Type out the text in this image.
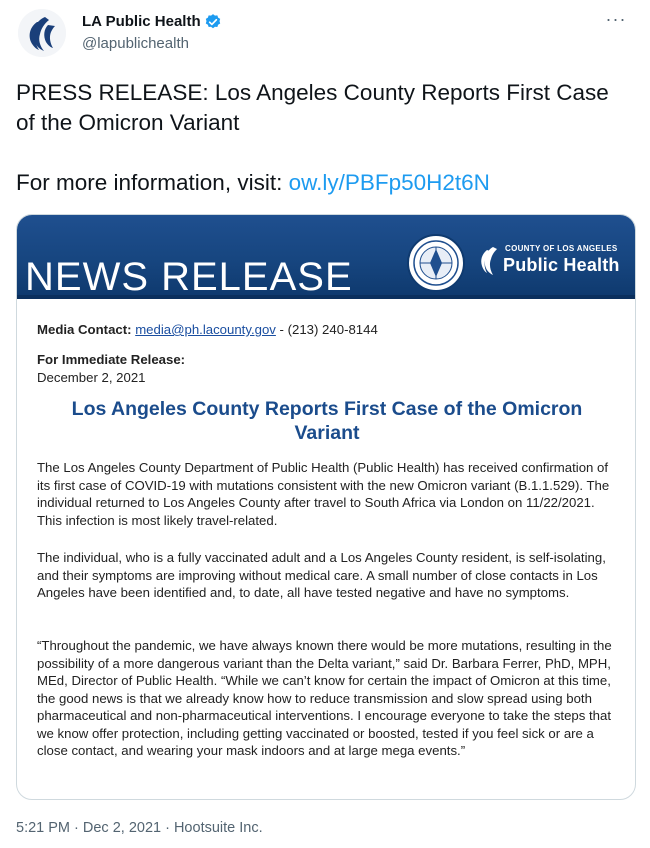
LA Public Health
@lapublichealth
···

PRESS RELEASE: Los Angeles County Reports First Case of the Omicron Variant

For more information, visit: ow.ly/PBFp50H2t6N

NEWS RELEASE
COUNTY OF LOS ANGELES
Public Health
Media Contact: media@ph.lacounty.gov - (213) 240-8144
For Immediate Release:
December 2, 2021
Los Angeles County Reports First Case of the Omicron Variant

The Los Angeles County Department of Public Health (Public Health) has received confirmation of its first case of COVID-19 with mutations consistent with the new Omicron variant (B.1.1.529). The individual returned to Los Angeles County after travel to South Africa via London on 11/22/2021. This infection is most likely travel-related.

The individual, who is a fully vaccinated adult and a Los Angeles County resident, is self-isolating, and their symptoms are improving without medical care. A small number of close contacts in Los Angeles have been identified and, to date, all have tested negative and have no symptoms.

“Throughout the pandemic, we have always known there would be more mutations, resulting in the possibility of a more dangerous variant than the Delta variant,” said Dr. Barbara Ferrer, PhD, MPH, MEd, Director of Public Health. “While we can’t know for certain the impact of Omicron at this time, the good news is that we already know how to reduce transmission and slow spread using both pharmaceutical and non-pharmaceutical interventions. I encourage everyone to take the steps that we know offer protection, including getting vaccinated or boosted, tested if you feel sick or are a close contact, and wearing your mask indoors and at large mega events.”

5:21 PM · Dec 2, 2021 · Hootsuite Inc.
